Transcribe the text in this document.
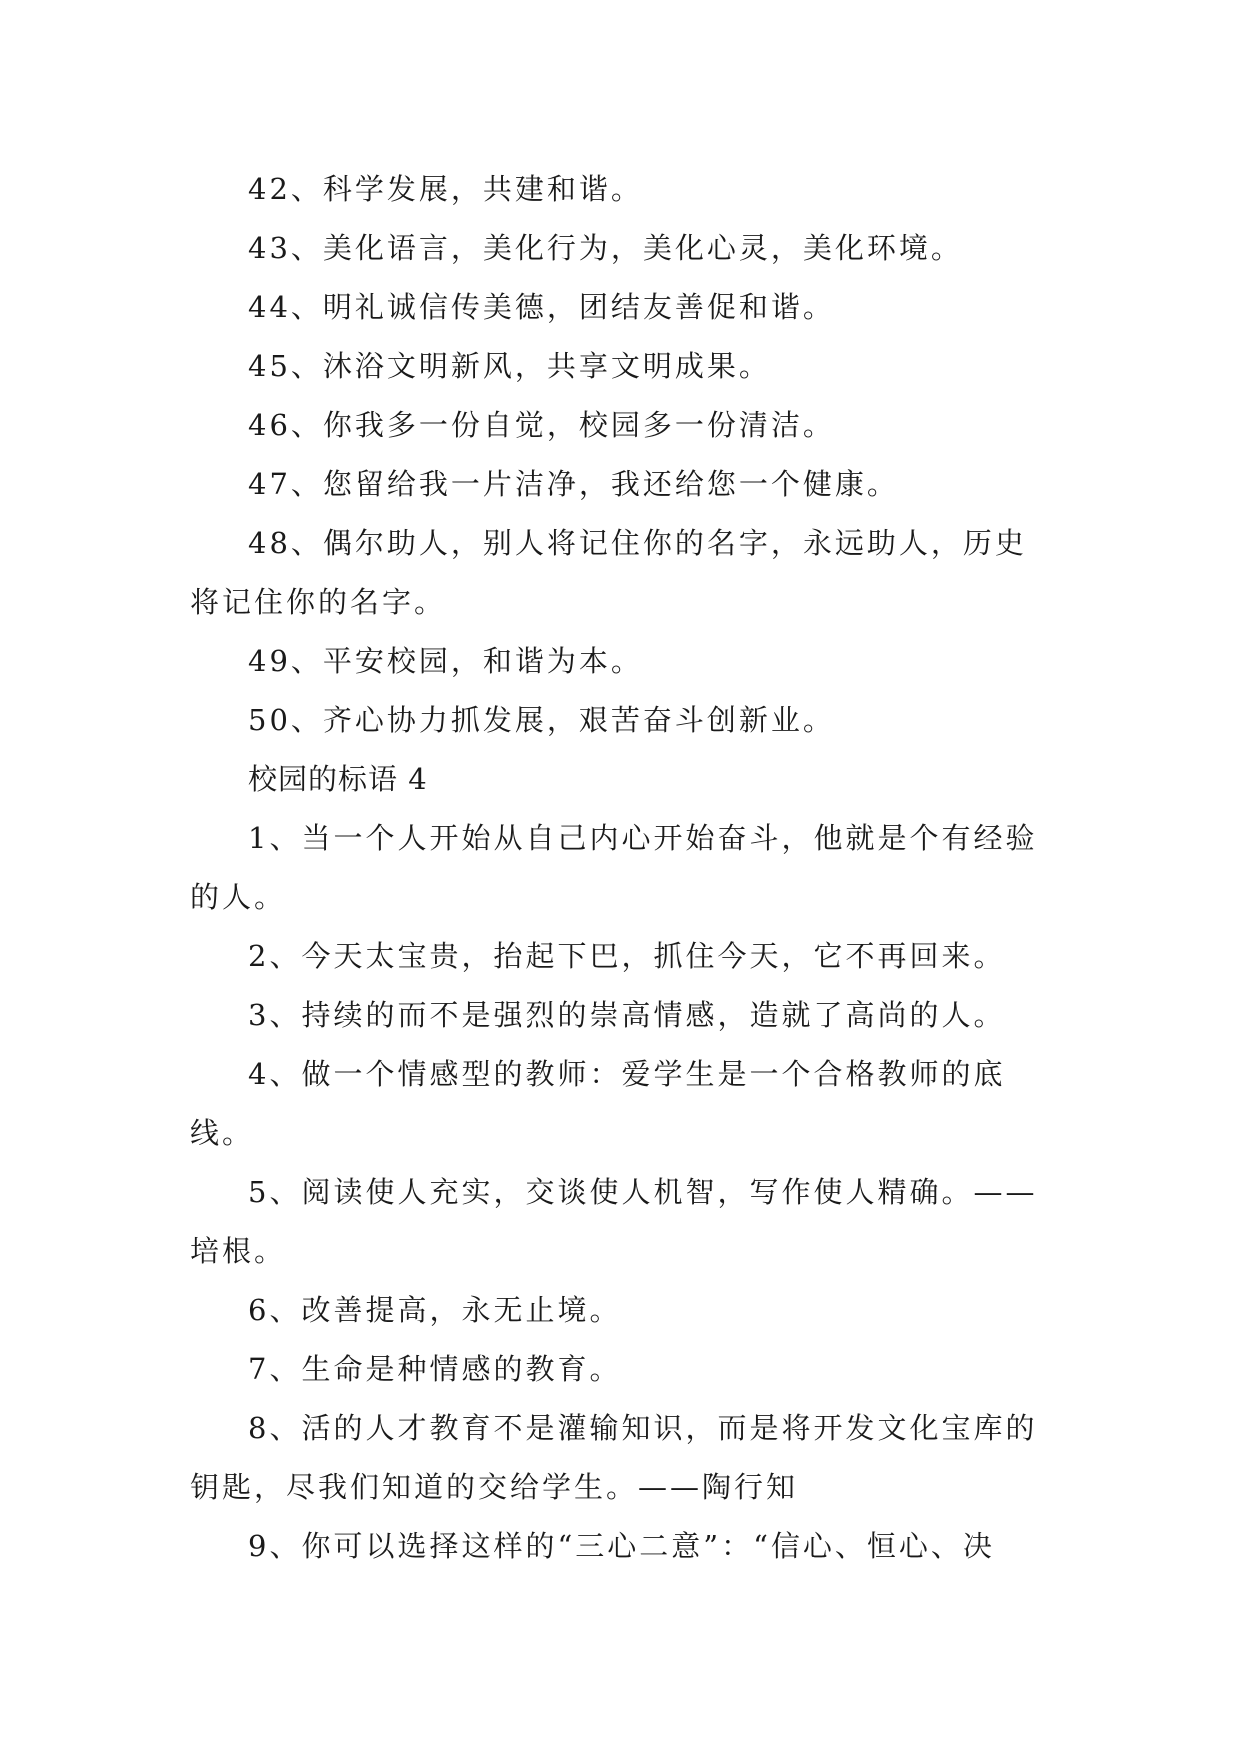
42、科学发展，共建和谐。

43、美化语言，美化行为，美化心灵，美化环境。

44、明礼诚信传美德，团结友善促和谐。

45、沐浴文明新风，共享文明成果。

46、你我多一份自觉，校园多一份清洁。

47、您留给我一片洁净，我还给您一个健康。

48、偶尔助人，别人将记住你的名字，永远助人，历史将记住你的名字。

49、平安校园，和谐为本。

50、齐心协力抓发展，艰苦奋斗创新业。

校园的标语 4

1、当一个人开始从自己内心开始奋斗，他就是个有经验的人。

2、今天太宝贵，抬起下巴，抓住今天，它不再回来。

3、持续的而不是强烈的崇高情感，造就了高尚的人。

4、做一个情感型的教师：爱学生是一个合格教师的底线。

5、阅读使人充实，交谈使人机智，写作使人精确。——培根。

6、改善提高，永无止境。

7、生命是种情感的教育。

8、活的人才教育不是灌输知识，而是将开发文化宝库的钥匙，尽我们知道的交给学生。——陶行知

9、你可以选择这样的“三心二意”：“信心、恒心、决
